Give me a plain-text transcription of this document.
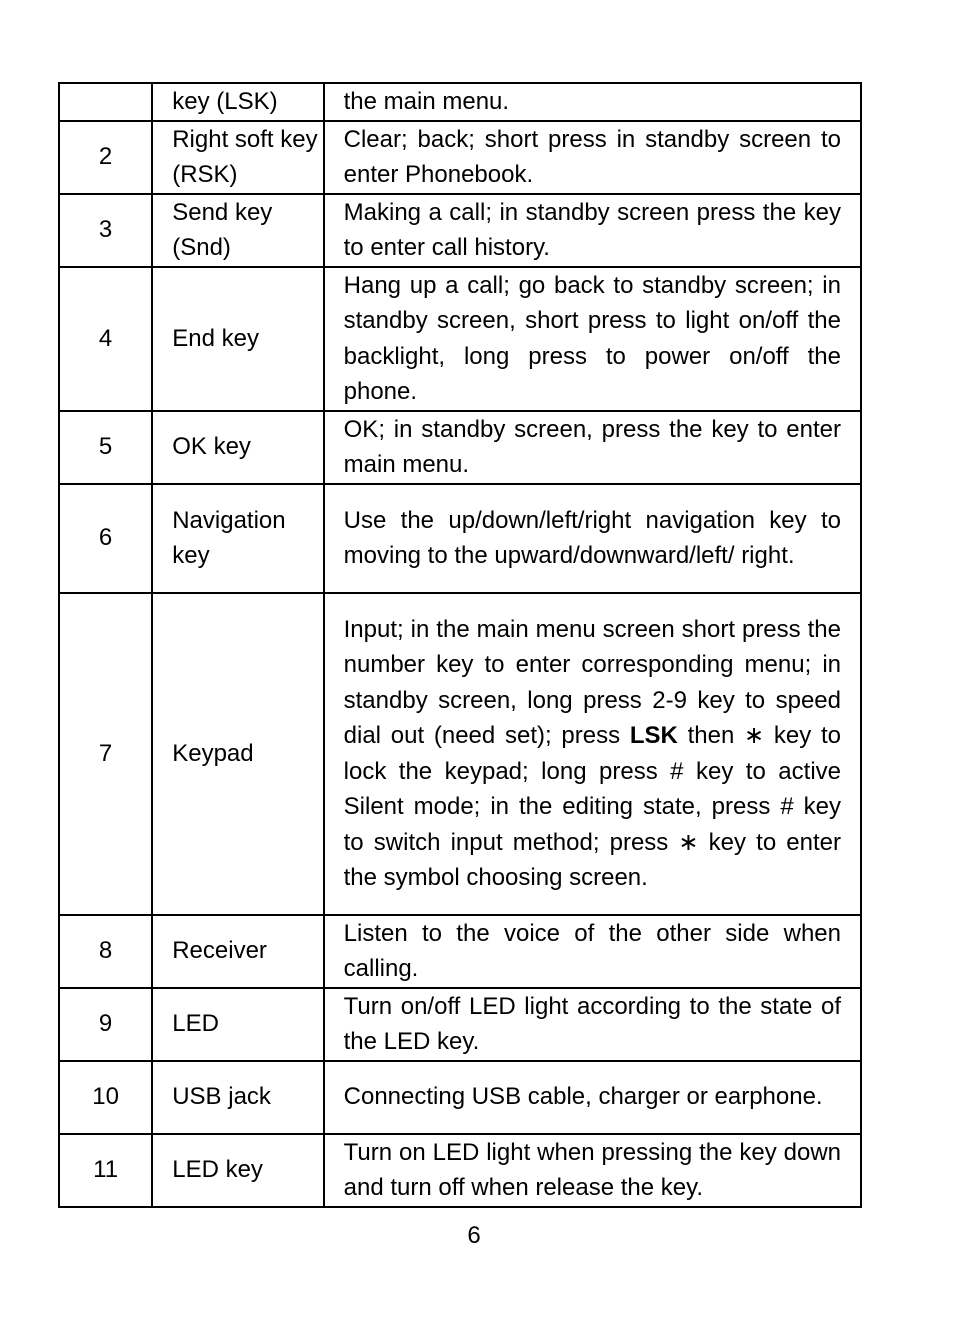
	key (LSK)	the main menu.
2	Right soft key (RSK)	Clear; back; short press in standby screen to enter Phonebook.
3	Send key (Snd)	Making a call; in standby screen press the key to enter call history.
4	End key	Hang up a call; go back to standby screen; in standby screen, short press to light on/off the backlight, long press to power on/off the phone.
5	OK key	OK; in standby screen, press the key to enter main menu.
6	Navigation key	Use the up/down/left/right navigation key to moving to the upward/downward/left/ right.
7	Keypad	Input; in the main menu screen short press the number key to enter corresponding menu; in standby screen, long press 2-9 key to speed dial out (need set); press LSK then ∗ key to lock the keypad; long press # key to active Silent mode; in the editing state, press # key to switch input method; press ∗ key to enter the symbol choosing screen.

8	Receiver	Listen to the voice of the other side when calling.
9	LED	Turn on/off LED light according to the state of the LED key.
10	USB jack	Connecting USB cable, charger or earphone.
11	LED key	Turn on LED light when pressing the key down and turn off when release the key.
6
